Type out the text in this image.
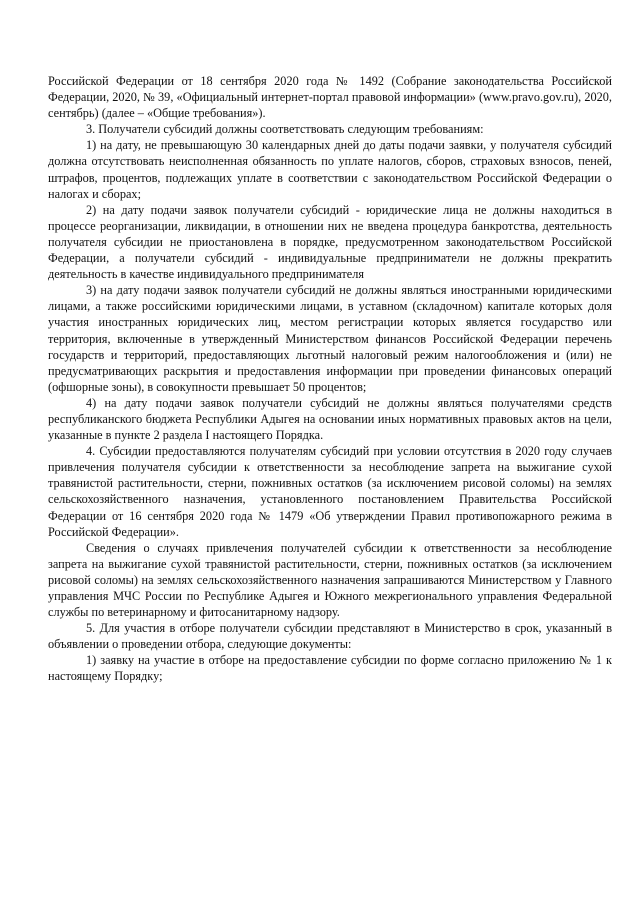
Российской Федерации от 18 сентября 2020 года № 1492 (Собрание законодательства Российской Федерации, 2020, № 39, «Официальный интернет-портал правовой информации» (www.pravo.gov.ru), 2020, сентябрь) (далее – «Общие требования»).

3. Получатели субсидий должны соответствовать следующим требованиям:

1) на дату, не превышающую 30 календарных дней до даты подачи заявки, у получателя субсидий должна отсутствовать неисполненная обязанность по уплате налогов, сборов, страховых взносов, пеней, штрафов, процентов, подлежащих уплате в соответствии с законодательством Российской Федерации о налогах и сборах;

2) на дату подачи заявок получатели субсидий - юридические лица не должны находиться в процессе реорганизации, ликвидации, в отношении них не введена процедура банкротства, деятельность получателя субсидии не приостановлена в порядке, предусмотренном законодательством Российской Федерации, а получатели субсидий - индивидуальные предприниматели не должны прекратить деятельность в качестве индивидуального предпринимателя

3) на дату подачи заявок получатели субсидий не должны являться иностранными юридическими лицами, а также российскими юридическими лицами, в уставном (складочном) капитале которых доля участия иностранных юридических лиц, местом регистрации которых является государство или территория, включенные в утвержденный Министерством финансов Российской Федерации перечень государств и территорий, предоставляющих льготный налоговый режим налогообложения и (или) не предусматривающих раскрытия и предоставления информации при проведении финансовых операций (офшорные зоны), в совокупности превышает 50 процентов;

4) на дату подачи заявок получатели субсидий не должны являться получателями средств республиканского бюджета Республики Адыгея на основании иных нормативных правовых актов на цели, указанные в пункте 2 раздела I настоящего Порядка.

4. Субсидии предоставляются получателям субсидий при условии отсутствия в 2020 году случаев привлечения получателя субсидии к ответственности за несоблюдение запрета на выжигание сухой травянистой растительности, стерни, пожнивных остатков (за исключением рисовой соломы) на землях сельскохозяйственного назначения, установленного постановлением Правительства Российской Федерации от 16 сентября 2020 года № 1479 «Об утверждении Правил противопожарного режима в Российской Федерации».

Сведения о случаях привлечения получателей субсидии к ответственности за несоблюдение запрета на выжигание сухой травянистой растительности, стерни, пожнивных остатков (за исключением рисовой соломы) на землях сельскохозяйственного назначения запрашиваются Министерством у Главного управления МЧС России по Республике Адыгея и Южного межрегионального управления Федеральной службы по ветеринарному и фитосанитарному надзору.

5. Для участия в отборе получатели субсидии представляют в Министерство в срок, указанный в объявлении о проведении отбора, следующие документы:

1) заявку на участие в отборе на предоставление субсидии по форме согласно приложению № 1 к настоящему Порядку;
